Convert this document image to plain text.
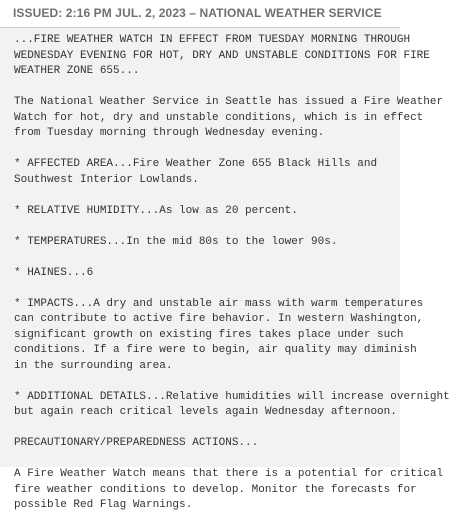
ISSUED: 2:16 PM JUL. 2, 2023 – NATIONAL WEATHER SERVICE
...FIRE WEATHER WATCH IN EFFECT FROM TUESDAY MORNING THROUGH
WEDNESDAY EVENING FOR HOT, DRY AND UNSTABLE CONDITIONS FOR FIRE
WEATHER ZONE 655...
The National Weather Service in Seattle has issued a Fire Weather
Watch for hot, dry and unstable conditions, which is in effect
from Tuesday morning through Wednesday evening.
* AFFECTED AREA...Fire Weather Zone 655 Black Hills and
Southwest Interior Lowlands.
* RELATIVE HUMIDITY...As low as 20 percent.
* TEMPERATURES...In the mid 80s to the lower 90s.
* HAINES...6
* IMPACTS...A dry and unstable air mass with warm temperatures
can contribute to active fire behavior. In western Washington,
significant growth on existing fires takes place under such
conditions. If a fire were to begin, air quality may diminish
in the surrounding area.
* ADDITIONAL DETAILS...Relative humidities will increase overnight
but again reach critical levels again Wednesday afternoon.
PRECAUTIONARY/PREPAREDNESS ACTIONS...
A Fire Weather Watch means that there is a potential for critical
fire weather conditions to develop. Monitor the forecasts for
possible Red Flag Warnings.
